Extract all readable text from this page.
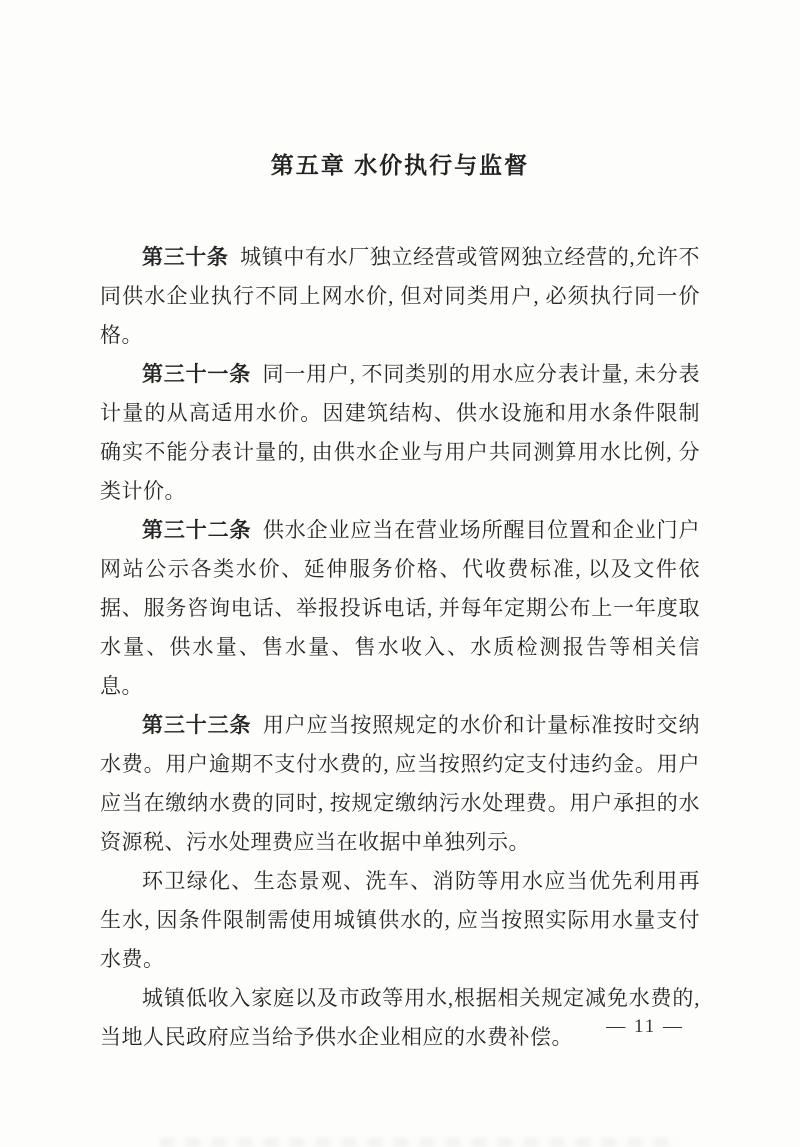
第五章 水价执行与监督

第三十条 城镇中有水厂独立经营或管网独立经营的,允许不同供水企业执行不同上网水价, 但对同类用户, 必须执行同一价格。

第三十一条 同一用户, 不同类别的用水应分表计量, 未分表计量的从高适用水价。因建筑结构、供水设施和用水条件限制确实不能分表计量的, 由供水企业与用户共同测算用水比例, 分类计价。

第三十二条 供水企业应当在营业场所醒目位置和企业门户网站公示各类水价、延伸服务价格、代收费标准, 以及文件依据、服务咨询电话、举报投诉电话, 并每年定期公布上一年度取水量、供水量、售水量、售水收入、水质检测报告等相关信息。

第三十三条 用户应当按照规定的水价和计量标准按时交纳水费。用户逾期不支付水费的, 应当按照约定支付违约金。用户应当在缴纳水费的同时, 按规定缴纳污水处理费。用户承担的水资源税、污水处理费应当在收据中单独列示。

环卫绿化、生态景观、洗车、消防等用水应当优先利用再生水, 因条件限制需使用城镇供水的, 应当按照实际用水量支付水费。

城镇低收入家庭以及市政等用水,根据相关规定减免水费的, 当地人民政府应当给予供水企业相应的水费补偿。	— 11 —
